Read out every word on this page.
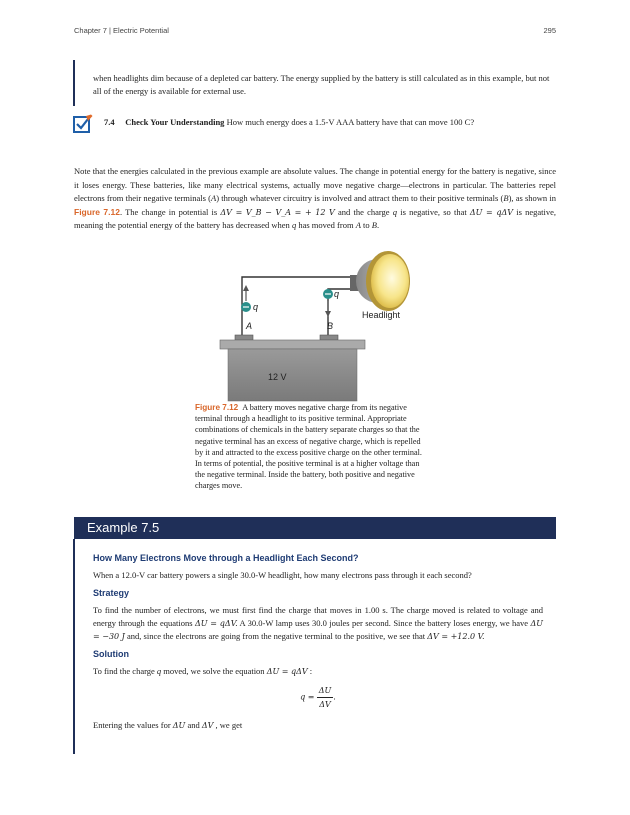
Chapter 7 | Electric Potential	295
when headlights dim because of a depleted car battery. The energy supplied by the battery is still calculated as in this example, but not all of the energy is available for external use.
7.4 Check Your Understanding How much energy does a 1.5-V AAA battery have that can move 100 C?
Note that the energies calculated in the previous example are absolute values. The change in potential energy for the battery is negative, since it loses energy. These batteries, like many electrical systems, actually move negative charge—electrons in particular. The batteries repel electrons from their negative terminals (A) through whatever circuitry is involved and attract them to their positive terminals (B), as shown in Figure 7.12. The change in potential is ΔV = V_B − V_A = + 12 V and the charge q is negative, so that ΔU = qΔV is negative, meaning the potential energy of the battery has decreased when q has moved from A to B.
Headlight
q
q
A	B
12 V
Figure 7.12 A battery moves negative charge from its negative terminal through a headlight to its positive terminal. Appropriate combinations of chemicals in the battery separate charges so that the negative terminal has an excess of negative charge, which is repelled by it and attracted to the excess positive charge on the other terminal. In terms of potential, the positive terminal is at a higher voltage than the negative terminal. Inside the battery, both positive and negative charges move.
Example 7.5
How Many Electrons Move through a Headlight Each Second?

When a 12.0-V car battery powers a single 30.0-W headlight, how many electrons pass through it each second?

Strategy

To find the number of electrons, we must first find the charge that moves in 1.00 s. The charge moved is related to voltage and energy through the equations ΔU = qΔV. A 30.0-W lamp uses 30.0 joules per second. Since the battery loses energy, we have ΔU = −30 J and, since the electrons are going from the negative terminal to the positive, we see that ΔV = +12.0 V.

Solution

To find the charge q moved, we solve the equation ΔU = qΔV :

$q = \frac{\Delta U}{\Delta V}$ .

Entering the values for ΔU and ΔV , we get
